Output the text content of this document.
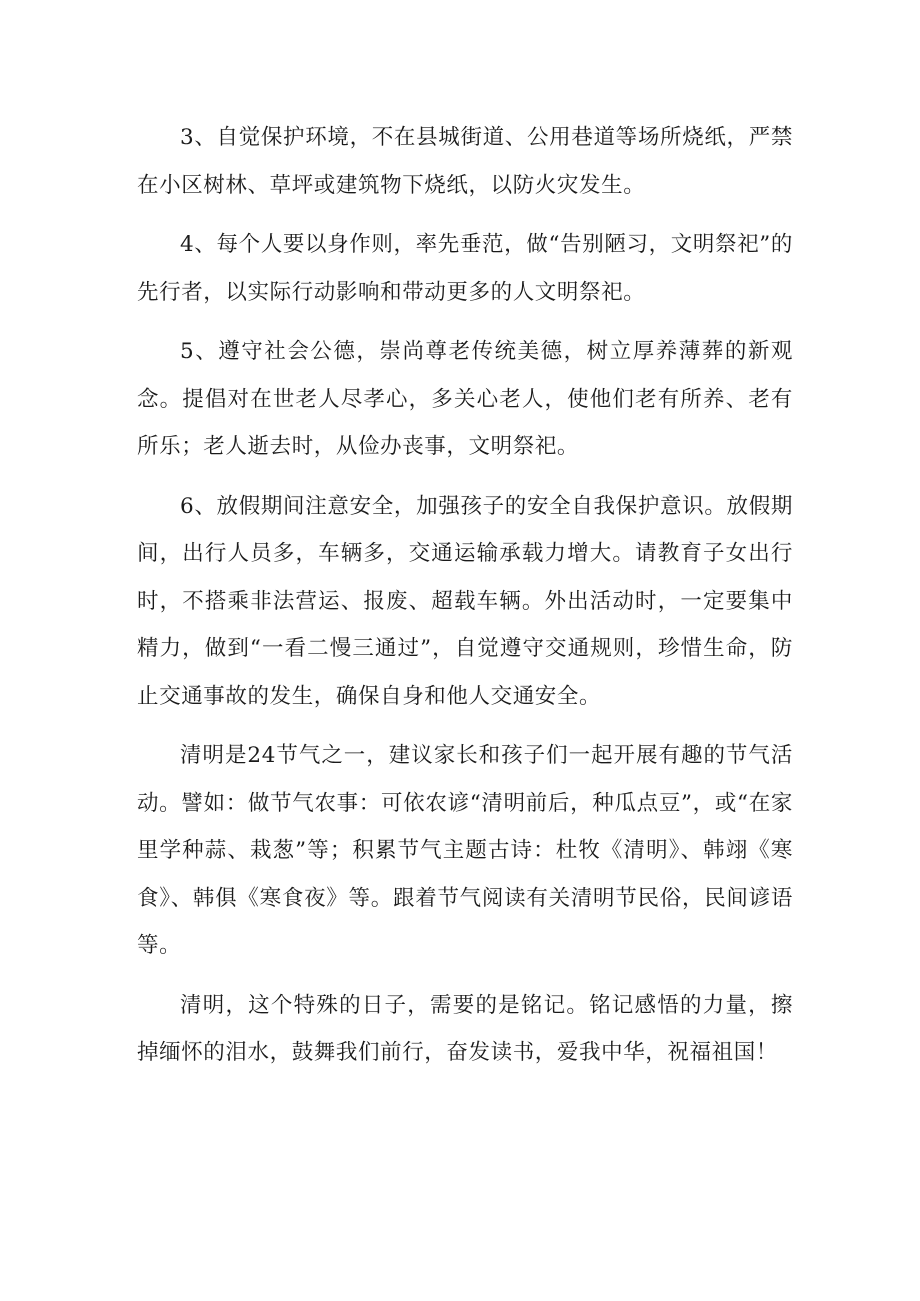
3、自觉保护环境，不在县城街道、公用巷道等场所烧纸，严禁在小区树林、草坪或建筑物下烧纸，以防火灾发生。

4、每个人要以身作则，率先垂范，做“告别陋习，文明祭祀”的先行者，以实际行动影响和带动更多的人文明祭祀。

5、遵守社会公德，崇尚尊老传统美德，树立厚养薄葬的新观念。提倡对在世老人尽孝心，多关心老人，使他们老有所养、老有所乐；老人逝去时，从俭办丧事，文明祭祀。

6、放假期间注意安全，加强孩子的安全自我保护意识。放假期间，出行人员多，车辆多，交通运输承载力增大。请教育子女出行时，不搭乘非法营运、报废、超载车辆。外出活动时，一定要集中精力，做到“一看二慢三通过”，自觉遵守交通规则，珍惜生命，防止交通事故的发生，确保自身和他人交通安全。

清明是24节气之一，建议家长和孩子们一起开展有趣的节气活动。譬如：做节气农事：可依农谚“清明前后，种瓜点豆”，或“在家里学种蒜、栽葱”等；积累节气主题古诗：杜牧《清明》、韩翊《寒食》、韩俱《寒食夜》等。跟着节气阅读有关清明节民俗，民间谚语等。

清明，这个特殊的日子，需要的是铭记。铭记感悟的力量，擦掉缅怀的泪水，鼓舞我们前行，奋发读书，爱我中华，祝福祖国！
